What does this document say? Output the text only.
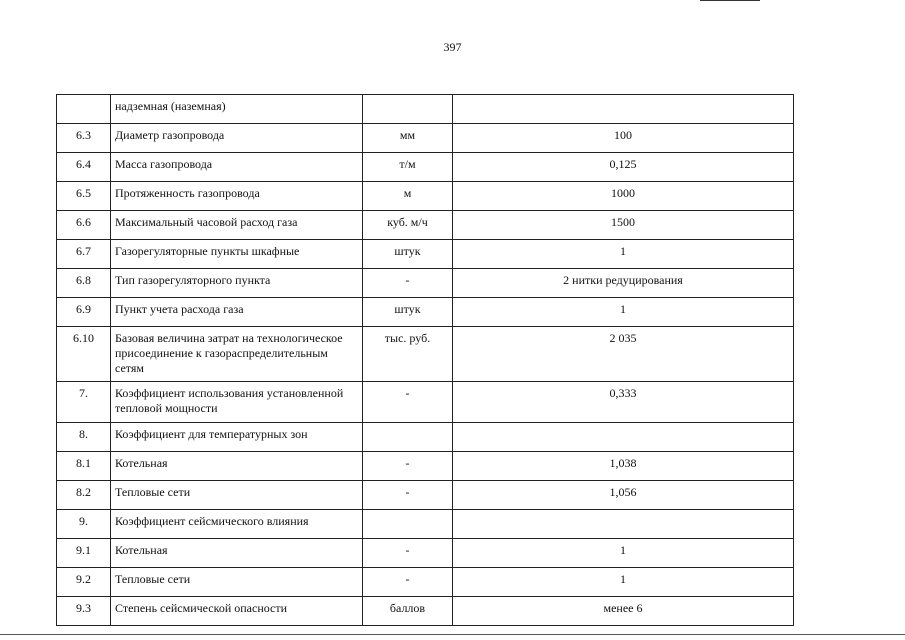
397
	надземная (наземная)		
6.3	Диаметр газопровода	мм	100
6.4	Масса газопровода	т/м	0,125
6.5	Протяженность газопровода	м	1000
6.6	Максимальный часовой расход газа	куб. м/ч	1500
6.7	Газорегуляторные пункты шкафные	штук	1
6.8	Тип газорегуляторного пункта	-	2 нитки редуцирования
6.9	Пункт учета расхода газа	штук	1
6.10	Базовая величина затрат на технологическое присоединение к газораспределительным сетям	тыс. руб.	2 035
7.	Коэффициент использования установленной тепловой мощности	-	0,333
8.	Коэффициент для температурных зон		
8.1	Котельная	-	1,038
8.2	Тепловые сети	-	1,056
9.	Коэффициент сейсмического влияния		
9.1	Котельная	-	1
9.2	Тепловые сети	-	1
9.3	Степень сейсмической опасности	баллов	менее 6
